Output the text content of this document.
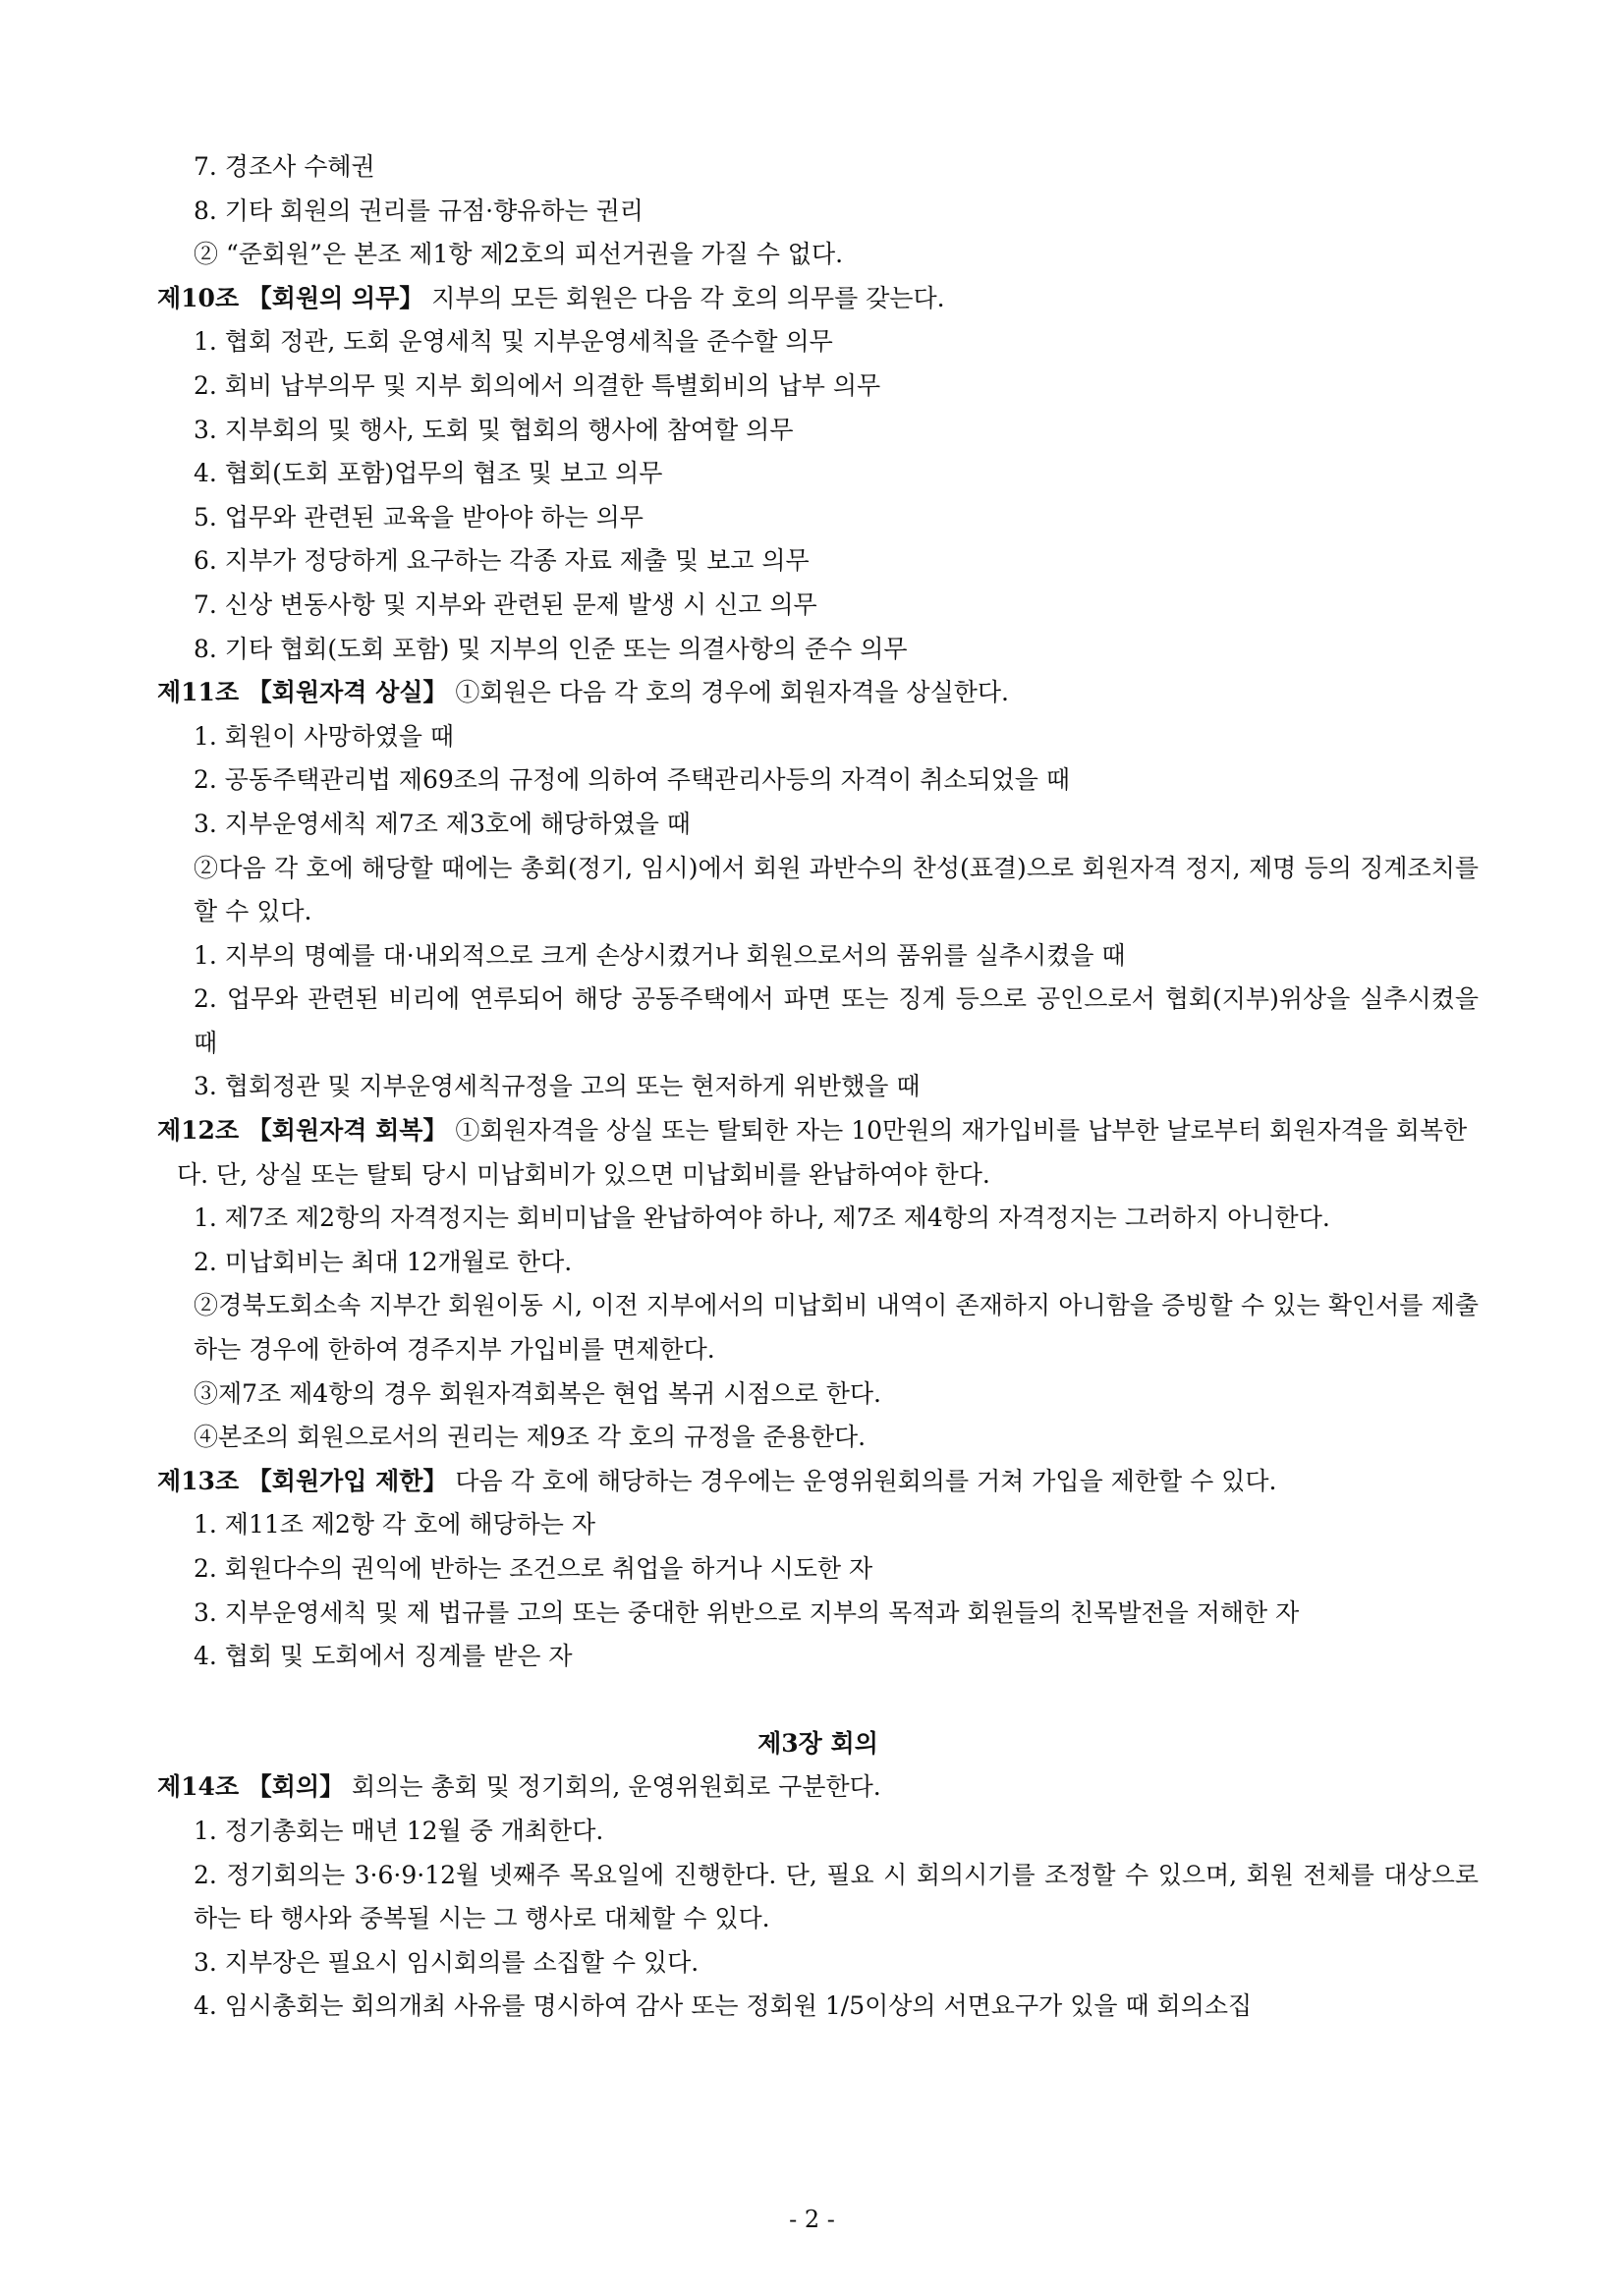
7. 경조사 수혜권
8. 기타 회원의 권리를 규점·향유하는 권리
② “준회원”은 본조 제1항 제2호의 피선거권을 가질 수 없다.
제10조 【회원의 의무】 지부의 모든 회원은 다음 각 호의 의무를 갖는다.
1. 협회 정관, 도회 운영세칙 및 지부운영세칙을 준수할 의무
2. 회비 납부의무 및 지부 회의에서 의결한 특별회비의 납부 의무
3. 지부회의 및 행사, 도회 및 협회의 행사에 참여할 의무
4. 협회(도회 포함)업무의 협조 및 보고 의무
5. 업무와 관련된 교육을 받아야 하는 의무
6. 지부가 정당하게 요구하는 각종 자료 제출 및 보고 의무
7. 신상 변동사항 및 지부와 관련된 문제 발생 시 신고 의무
8. 기타 협회(도회 포함) 및 지부의 인준 또는 의결사항의 준수 의무
제11조 【회원자격 상실】 ①회원은 다음 각 호의 경우에 회원자격을 상실한다.
1. 회원이 사망하였을 때
2. 공동주택관리법 제69조의 규정에 의하여 주택관리사등의 자격이 취소되었을 때
3. 지부운영세칙 제7조 제3호에 해당하였을 때
②다음 각 호에 해당할 때에는 총회(정기, 임시)에서 회원 과반수의 찬성(표결)으로 회원자격 정지, 제명 등의 징계조치를 할 수 있다.
1. 지부의 명예를 대·내외적으로 크게 손상시켰거나 회원으로서의 품위를 실추시켰을 때
2. 업무와 관련된 비리에 연루되어 해당 공동주택에서 파면 또는 징계 등으로 공인으로서 협회(지부)위상을 실추시켰을 때
3. 협회정관 및 지부운영세칙규정을 고의 또는 현저하게 위반했을 때
제12조 【회원자격 회복】 ①회원자격을 상실 또는 탈퇴한 자는 10만원의 재가입비를 납부한 날로부터 회원자격을 회복한다. 단, 상실 또는 탈퇴 당시 미납회비가 있으면 미납회비를 완납하여야 한다.
1. 제7조 제2항의 자격정지는 회비미납을 완납하여야 하나, 제7조 제4항의 자격정지는 그러하지 아니한다.
2. 미납회비는 최대 12개월로 한다.
②경북도회소속 지부간 회원이동 시, 이전 지부에서의 미납회비 내역이 존재하지 아니함을 증빙할 수 있는 확인서를 제출하는 경우에 한하여 경주지부 가입비를 면제한다.
③제7조 제4항의 경우 회원자격회복은 현업 복귀 시점으로 한다.
④본조의 회원으로서의 권리는 제9조 각 호의 규정을 준용한다.
제13조 【회원가입 제한】 다음 각 호에 해당하는 경우에는 운영위원회의를 거쳐 가입을 제한할 수 있다.
1. 제11조 제2항 각 호에 해당하는 자
2. 회원다수의 권익에 반하는 조건으로 취업을 하거나 시도한 자
3. 지부운영세칙 및 제 법규를 고의 또는 중대한 위반으로 지부의 목적과 회원들의 친목발전을 저해한 자
4. 협회 및 도회에서 징계를 받은 자
제3장 회의
제14조 【회의】 회의는 총회 및 정기회의, 운영위원회로 구분한다.
1. 정기총회는 매년 12월 중 개최한다.
2. 정기회의는 3·6·9·12월 넷째주 목요일에 진행한다. 단, 필요 시 회의시기를 조정할 수 있으며, 회원 전체를 대상으로 하는 타 행사와 중복될 시는 그 행사로 대체할 수 있다.
3. 지부장은 필요시 임시회의를 소집할 수 있다.
4. 임시총회는 회의개최 사유를 명시하여 감사 또는 정회원 1/5이상의 서면요구가 있을 때 회의소집
- 2 -
